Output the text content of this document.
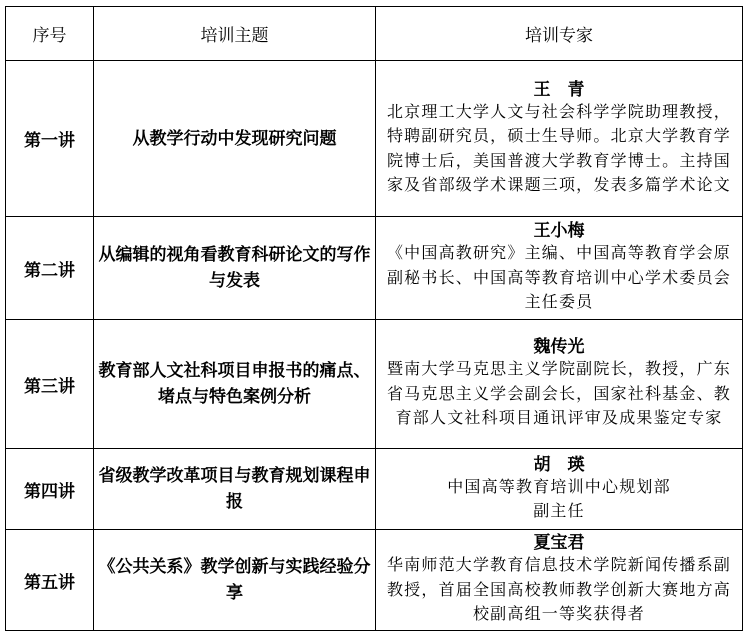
序号	培训主题	培训专家
第一讲	从教学行动中发现研究问题	王　青
北京理工大学人文与社会科学学院助理教授，特聘副研究员，硕士生导师。北京大学教育学院博士后，美国普渡大学教育学博士。主持国家及省部级学术课题三项，发表多篇学术论文

第二讲	从编辑的视角看教育科研论文的写作与发表	王小梅
《中国高教研究》主编、中国高等教育学会原副秘书长、中国高等教育培训中心学术委员会主任委员

第三讲	教育部人文社科项目申报书的痛点、堵点与特色案例分析	魏传光
暨南大学马克思主义学院副院长，教授，广东省马克思主义学会副会长，国家社科基金、教育部人文社科项目通讯评审及成果鉴定专家

第四讲	省级教学改革项目与教育规划课程申报	胡　瑛
中国高等教育培训中心规划部副主任

第五讲	《公共关系》教学创新与实践经验分享	夏宝君
华南师范大学教育信息技术学院新闻传播系副教授，首届全国高校教师教学创新大赛地方高校副高组一等奖获得者
